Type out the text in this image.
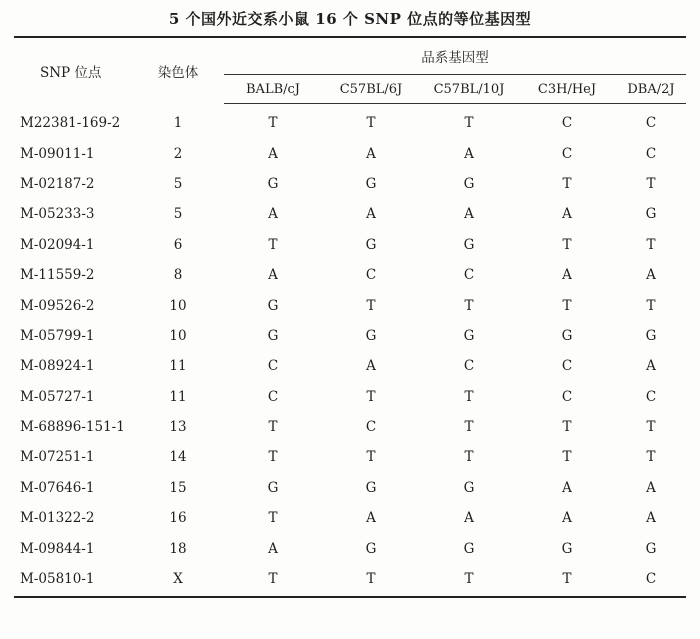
5 个国外近交系小鼠 16 个 SNP 位点的等位基因型
SNP 位点	染色体	品系基因型				
		BALB/cJ	C57BL/6J	C57BL/10J	C3H/HeJ	DBA/2J
M22381-169-2	1	T	T	T	C	C
M-09011-1	2	A	A	A	C	C
M-02187-2	5	G	G	G	T	T
M-05233-3	5	A	A	A	A	G
M-02094-1	6	T	G	G	T	T
M-11559-2	8	A	C	C	A	A
M-09526-2	10	G	T	T	T	T
M-05799-1	10	G	G	G	G	G
M-08924-1	11	C	A	C	C	A
M-05727-1	11	C	T	T	C	C
M-68896-151-1	13	T	C	T	T	T
M-07251-1	14	T	T	T	T	T
M-07646-1	15	G	G	G	A	A
M-01322-2	16	T	A	A	A	A
M-09844-1	18	A	G	G	G	G
M-05810-1	X	T	T	T	T	C
